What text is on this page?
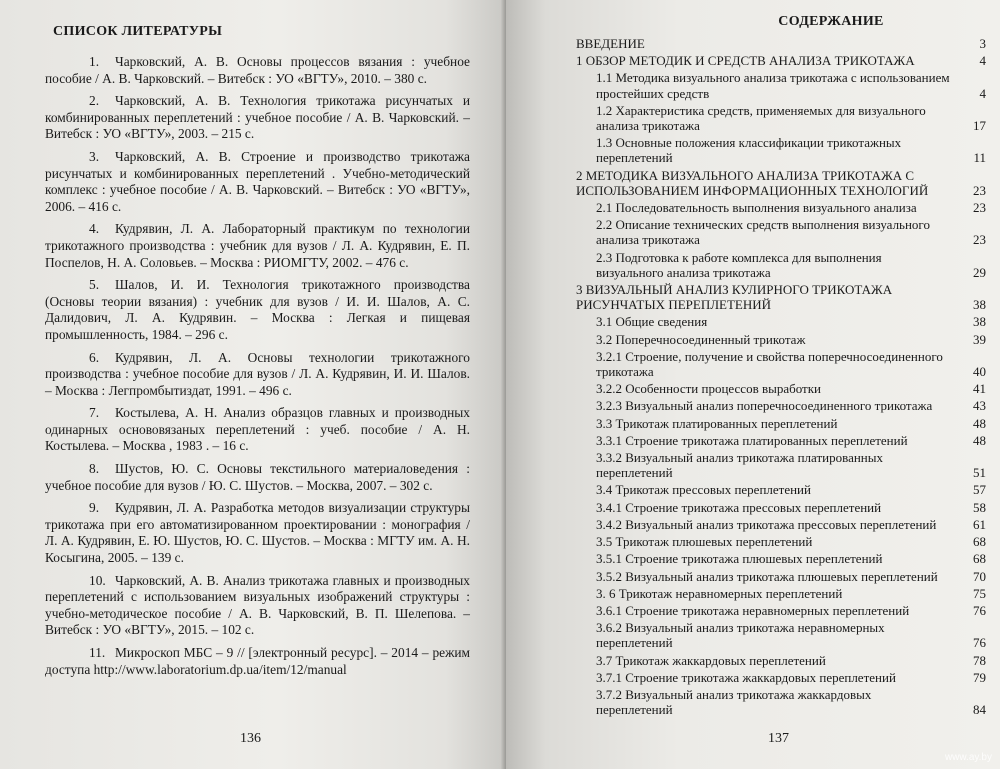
СПИСОК ЛИТЕРАТУРЫ

1. Чарковский, А. В. Основы процессов вязания : учебное пособие / А. В. Чарковский. – Витебск : УО «ВГТУ», 2010. – 380 с.

2. Чарковский, А. В. Технология трикотажа рисунчатых и комбинированных переплетений : учебное пособие / А. В. Чарковский. – Витебск : УО «ВГТУ», 2003. – 215 с.

3. Чарковский, А. В. Строение и производство трикотажа рисунчатых и комбинированных переплетений . Учебно-методический комплекс : учебное пособие / А. В. Чарковский. – Витебск : УО «ВГТУ», 2006. – 416 с.

4. Кудрявин, Л. А. Лабораторный практикум по технологии трикотажного производства : учебник для вузов / Л. А. Кудрявин, Е. П. Поспелов, Н. А. Соловьев. – Москва : РИОМГТУ, 2002. – 476 с.

5. Шалов, И. И. Технология трикотажного производства (Основы теории вязания) : учебник для вузов / И. И. Шалов, А. С. Далидович, Л. А. Кудрявин. – Москва : Легкая и пищевая промышленность, 1984. – 296 с.

6. Кудрявин, Л. А. Основы технологии трикотажного производства : учебное пособие для вузов / Л. А. Кудрявин, И. И. Шалов. – Москва : Легпромбытиздат, 1991. – 496 с.

7. Костылева, А. Н. Анализ образцов главных и производных одинарных основовязаных переплетений : учеб. пособие / А. Н. Костылева. – Москва , 1983 . – 16 с.

8. Шустов, Ю. С. Основы текстильного материаловедения : учебное пособие для вузов / Ю. С. Шустов. – Москва, 2007. – 302 с.

9. Кудрявин, Л. А. Разработка методов визуализации структуры трикотажа при его автоматизированном проектировании : монография / Л. А. Кудрявин, Е. Ю. Шустов, Ю. С. Шустов. – Москва : МГТУ им. А. Н. Косыгина, 2005. – 139 с.

10. Чарковский, А. В. Анализ трикотажа главных и производных переплетений с использованием визуальных изображений структуры : учебно-методическое пособие / А. В. Чарковский, В. П. Шелепова. – Витебск : УО «ВГТУ», 2015. – 102 с.

11. Микроскоп МБС – 9 // [электронный ресурс]. – 2014 – режим доступа http://www.laboratorium.dp.ua/item/12/manual

136
СОДЕРЖАНИЕ
ВВЕДЕНИЕ	3
1 ОБЗОР МЕТОДИК И СРЕДСТВ АНАЛИЗА ТРИКОТАЖА	4
1.1 Методика визуального анализа трикотажа с использованием простейших средств	4
1.2 Характеристика средств, применяемых для визуального анализа трикотажа	17
1.3 Основные положения классификации трикотажных переплетений	11
2 МЕТОДИКА ВИЗУАЛЬНОГО АНАЛИЗА ТРИКОТАЖА С ИСПОЛЬЗОВАНИЕМ ИНФОРМАЦИОННЫХ ТЕХНОЛОГИЙ	23
2.1 Последовательность выполнения визуального анализа	23
2.2 Описание технических средств выполнения визуального анализа трикотажа	23
2.3 Подготовка к работе комплекса для выполнения визуального анализа трикотажа	29
3 ВИЗУАЛЬНЫЙ АНАЛИЗ КУЛИРНОГО ТРИКОТАЖА РИСУНЧАТЫХ ПЕРЕПЛЕТЕНИЙ	38
3.1 Общие сведения	38
3.2 Поперечносоединенный трикотаж	39
3.2.1 Строение, получение и свойства поперечносоединенного трикотажа	40
3.2.2 Особенности процессов выработки	41
3.2.3 Визуальный анализ поперечносоединенного трикотажа	43
3.3 Трикотаж платированных переплетений	48
3.3.1 Строение трикотажа платированных переплетений	48
3.3.2 Визуальный анализ трикотажа платированных переплетений	51
3.4 Трикотаж прессовых переплетений	57
3.4.1 Строение трикотажа прессовых переплетений	58
3.4.2 Визуальный анализ трикотажа прессовых переплетений	61
3.5 Трикотаж плюшевых переплетений	68
3.5.1 Строение трикотажа плюшевых переплетений	68
3.5.2 Визуальный анализ трикотажа плюшевых переплетений	70
3. 6 Трикотаж неравномерных переплетений	75
3.6.1 Строение трикотажа неравномерных переплетений	76
3.6.2 Визуальный анализ трикотажа неравномерных переплетений	76
3.7 Трикотаж жаккардовых переплетений	78
3.7.1 Строение трикотажа жаккардовых переплетений	79
3.7.2 Визуальный анализ трикотажа жаккардовых переплетений	84
137
www.ay.by
